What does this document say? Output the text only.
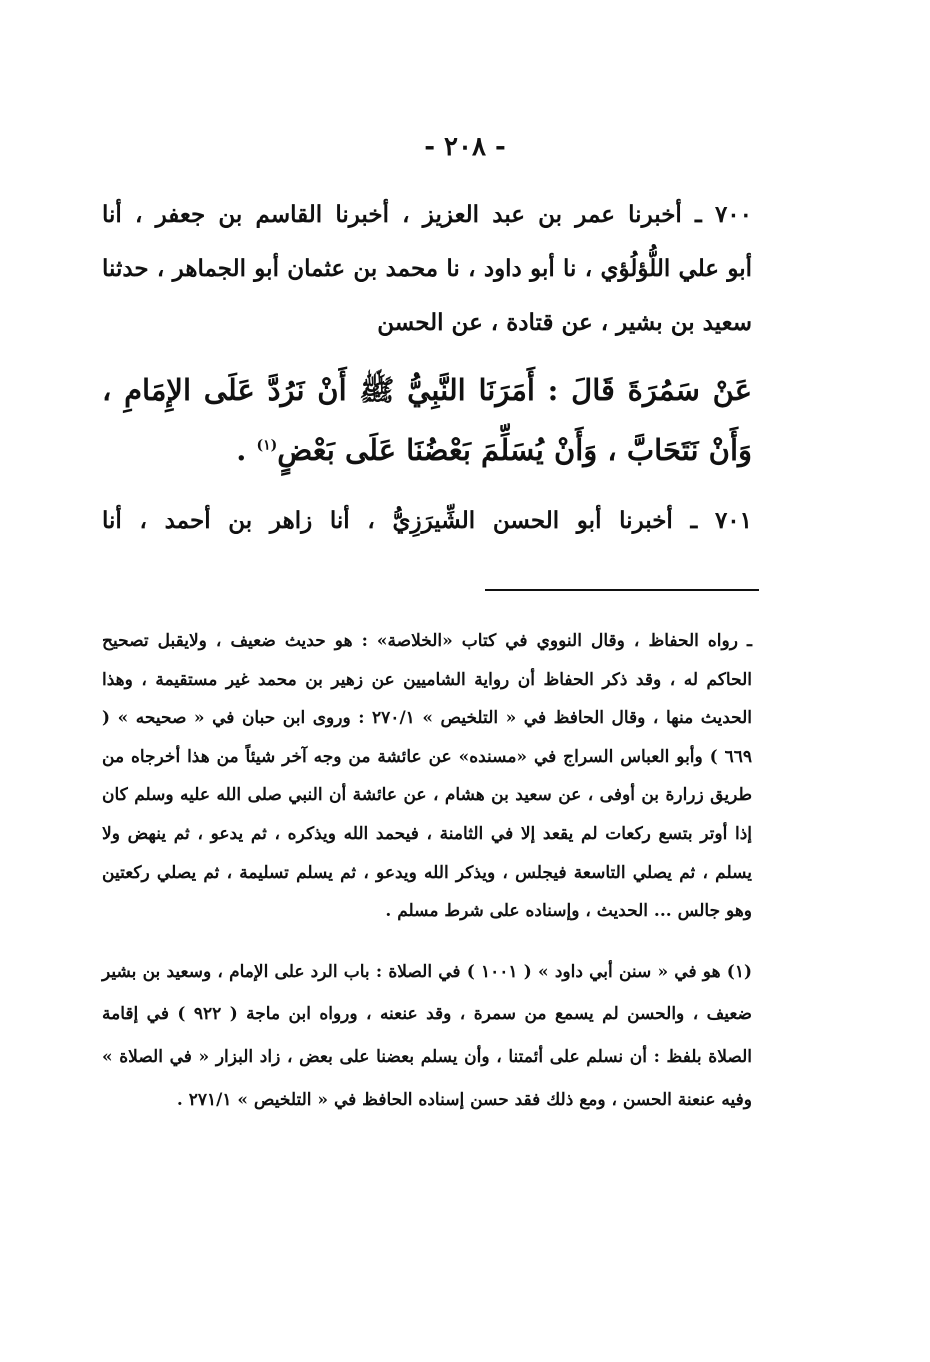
- ٢٠٨ -

٧٠٠ ـ أخبرنا عمر بن عبد العزيز ، أخبرنا القاسم بن جعفر ، أنا

أبو علي اللُّؤلُؤي ، نا أبو داود ، نا محمد بن عثمان أبو الجماهر ، حدثنا سعيد بن بشير ، عن قتادة ، عن الحسن

عَنْ سَمُرَةَ قَالَ : أَمَرَنَا النَّبِيُّ ﷺ أَنْ نَرُدَّ عَلَى الإِمَامِ ، وَأَنْ نَتَحَابَّ ، وَأَنْ يُسَلِّمَ بَعْضُنَا عَلَى بَعْضٍ$^{(١)}$ .

٧٠١ ـ أخبرنا أبو الحسن الشِّيرَزِيُّ ، أنا زاهر بن أحمد ، أنا

ـ رواه الحفاظ ، وقال النووي في كتاب «الخلاصة» : هو حديث ضعيف ، ولايقبل تصحيح الحاكم له ، وقد ذكر الحفاظ أن رواية الشاميين عن زهير بن محمد غير مستقيمة ، وهذا الحديث منها ، وقال الحافظ في « التلخيص » ٢٧٠/١ : وروى ابن حبان في « صحيحه » ( ٦٦٩ ) وأبو العباس السراج في «مسنده» عن عائشة من وجه آخر شيئاً من هذا أخرجاه من طريق زرارة بن أوفى ، عن سعيد بن هشام ، عن عائشة أن النبي صلى الله عليه وسلم كان إذا أوتر بتسع ركعات لم يقعد إلا في الثامنة ، فيحمد الله ويذكره ، ثم يدعو ، ثم ينهض ولا يسلم ، ثم يصلي التاسعة فيجلس ، ويذكر الله ويدعو ، ثم يسلم تسليمة ، ثم يصلي ركعتين وهو جالس ... الحديث ، وإسناده على شرط مسلم .

(١) هو في « سنن أبي داود » ( ١٠٠١ ) في الصلاة : باب الرد على الإمام ، وسعيد بن بشير ضعيف ، والحسن لم يسمع من سمرة ، وقد عنعنه ، ورواه ابن ماجة ( ٩٢٢ ) في إقامة الصلاة بلفظ : أن نسلم على أئمتنا ، وأن يسلم بعضنا على بعض ، زاد البزار « في الصلاة » وفيه عنعنة الحسن ، ومع ذلك فقد حسن إسناده الحافظ في « التلخيص » ٢٧١/١ .
